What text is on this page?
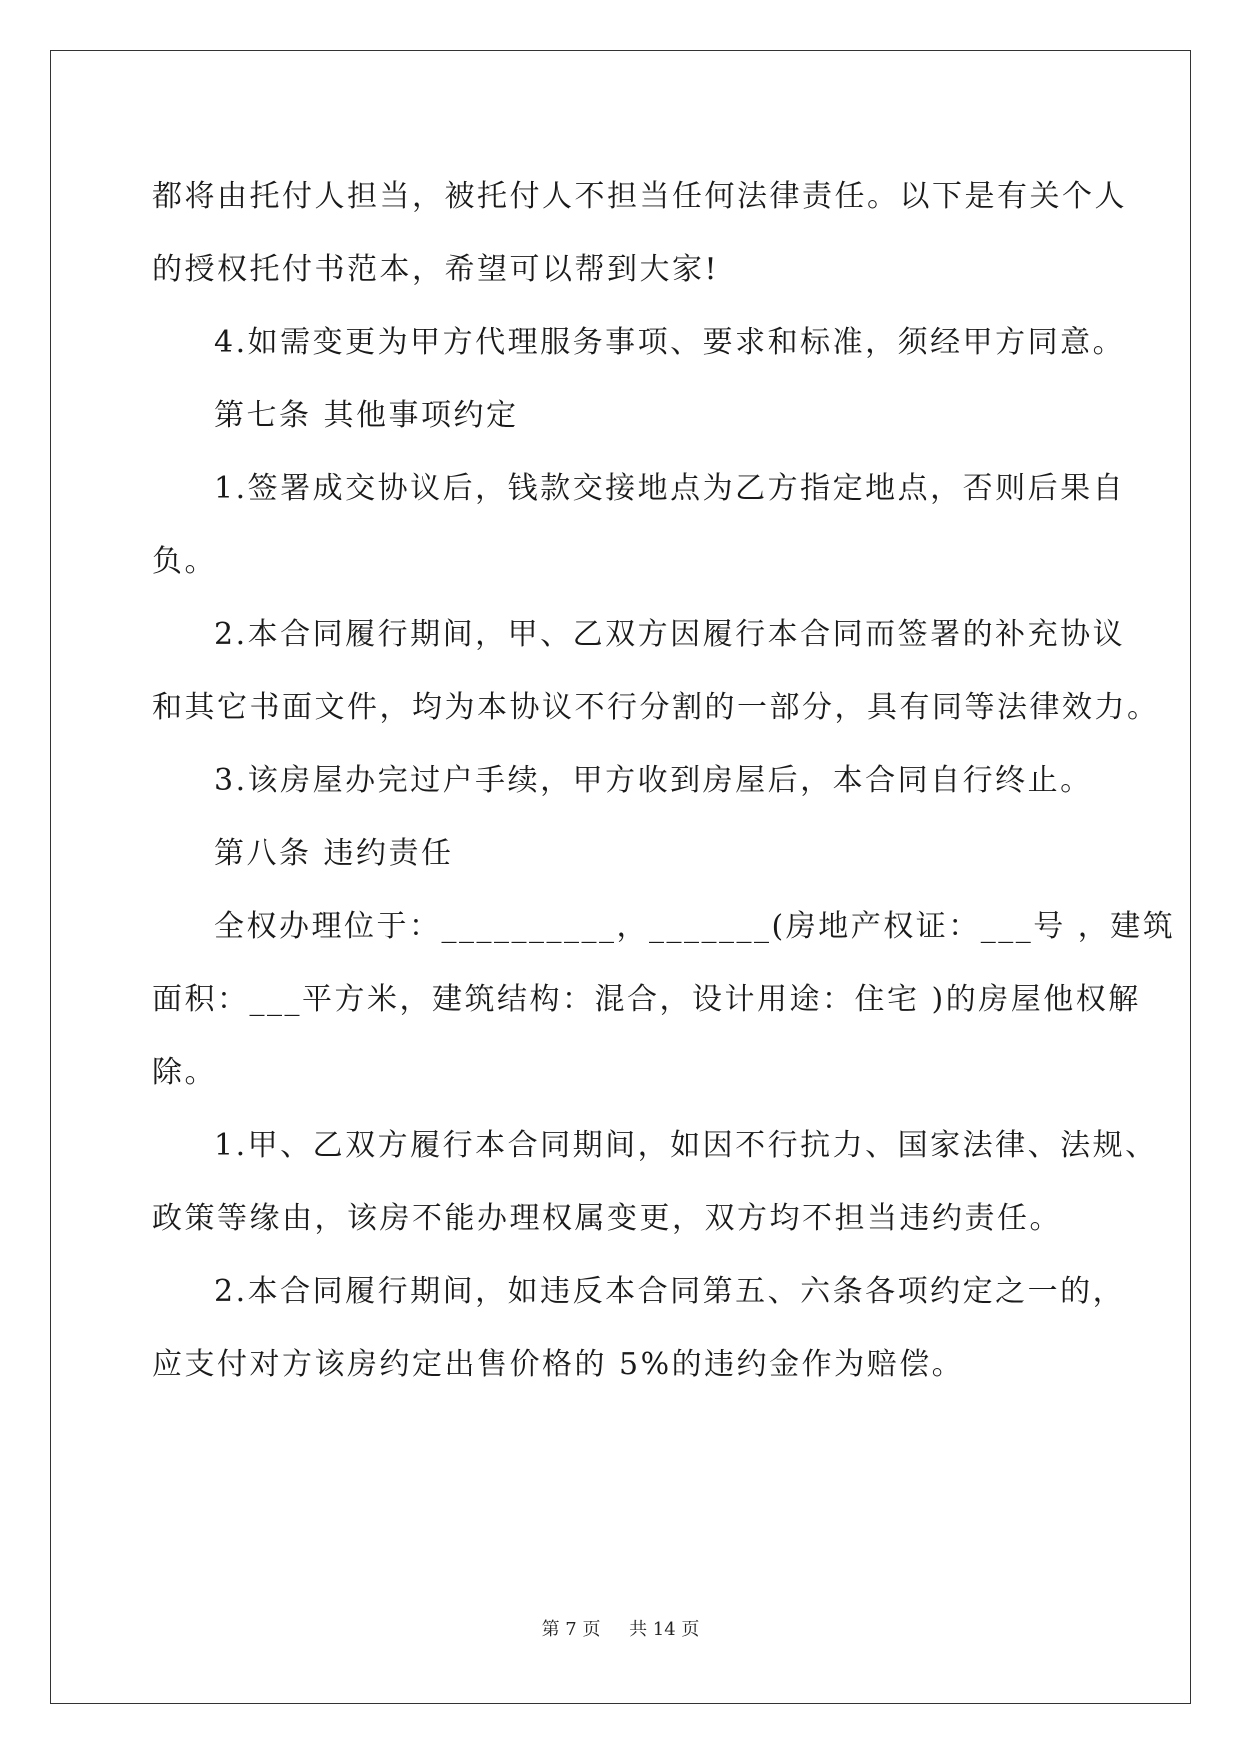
都将由托付人担当，被托付人不担当任何法律责任。以下是有关个人
的授权托付书范本，希望可以帮到大家!
4.如需变更为甲方代理服务事项、要求和标准，须经甲方同意。
第七条 其他事项约定
1.签署成交协议后，钱款交接地点为乙方指定地点，否则后果自
负。
2.本合同履行期间，甲、乙双方因履行本合同而签署的补充协议
和其它书面文件，均为本协议不行分割的一部分，具有同等法律效力。
3.该房屋办完过户手续，甲方收到房屋后，本合同自行终止。
第八条 违约责任
全权办理位于：__________，_______(房地产权证：___号 ，建筑
面积：___平方米，建筑结构：混合，设计用途：住宅 )的房屋他权解
除。
1.甲、乙双方履行本合同期间，如因不行抗力、国家法律、法规、
政策等缘由，该房不能办理权属变更，双方均不担当违约责任。
2.本合同履行期间，如违反本合同第五、六条各项约定之一的，
应支付对方该房约定出售价格的 5%的违约金作为赔偿。
第 7 页 共 14 页
